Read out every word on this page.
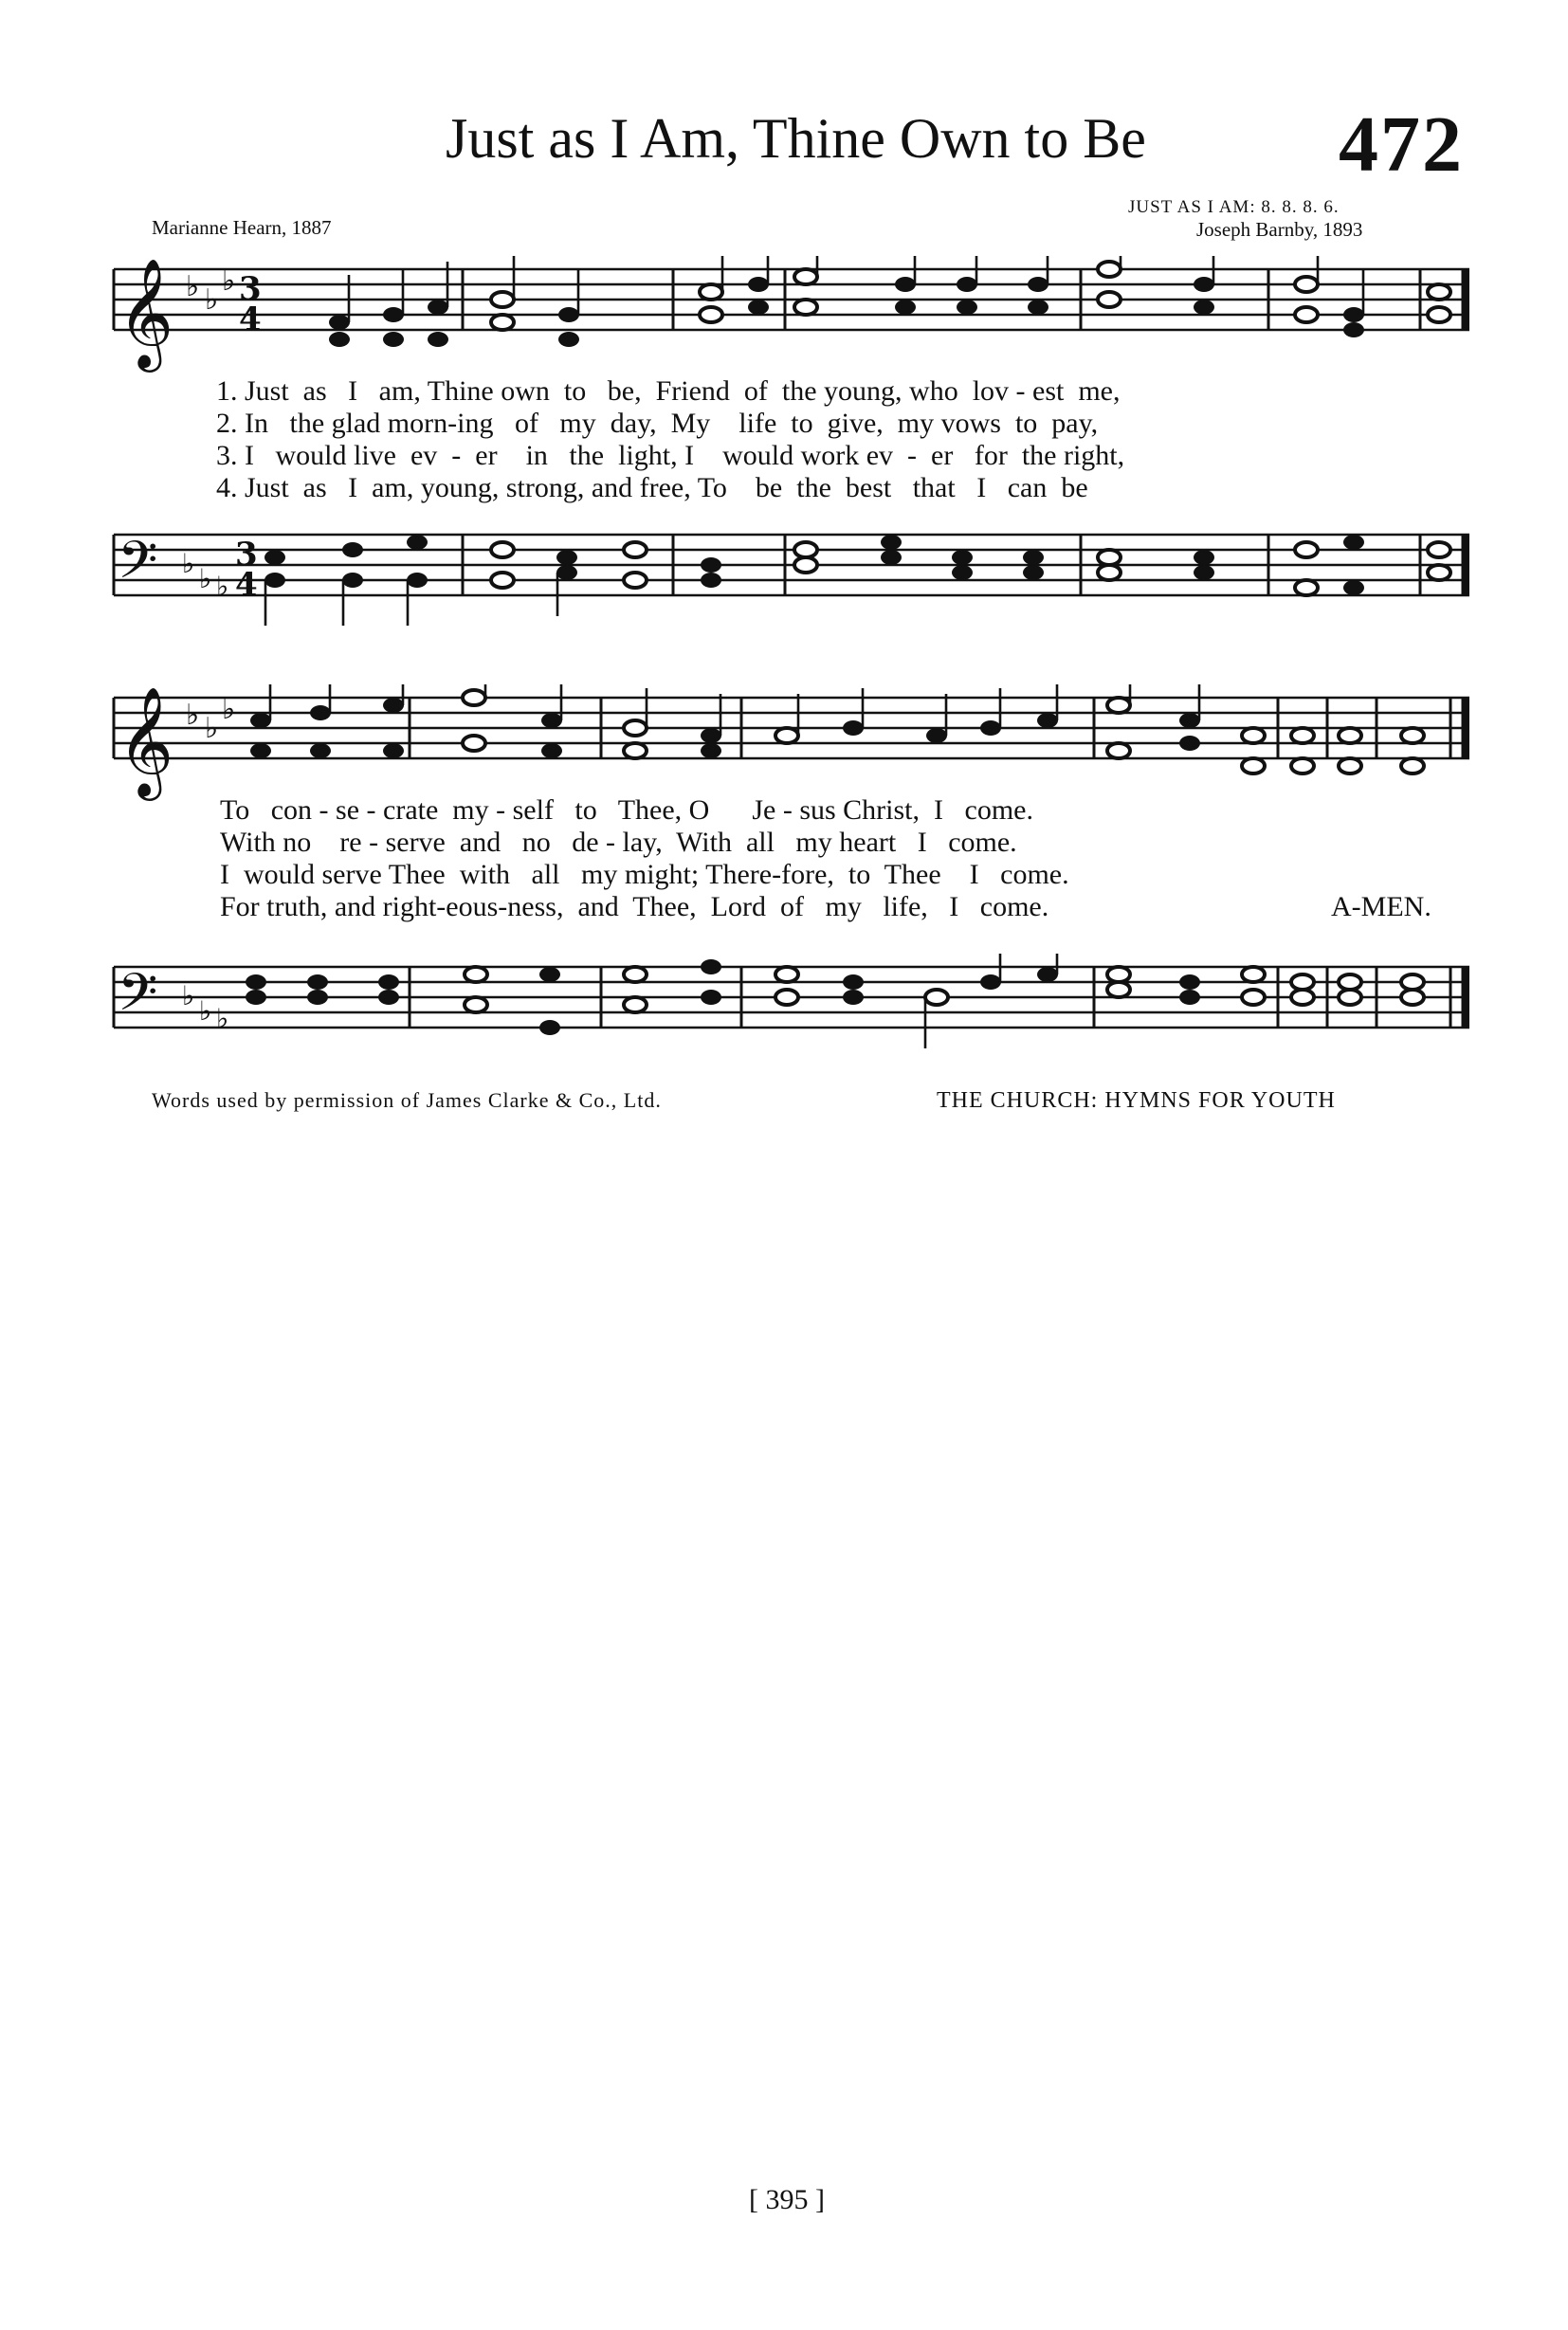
Just as I Am, Thine Own to Be 472
Marianne Hearn, 1887
JUST AS I AM: 8. 8. 8. 6.
Joseph Barnby, 1893
𝄞 ♭ ♭
♭ 3
4
1. Just  as   I   am, Thine own  to   be,  Friend  of  the young, who  lov - est  me,
2. In   the glad morn-ing   of   my  day,  My    life  to  give,  my vows  to  pay,
3. I   would live  ev  -  er    in   the  light, I    would work ev  -  er   for  the right,
4. Just  as   I  am, young, strong, and free, To    be  the  best   that   I   can  be
𝄢 ♭ ♭ ♭
3
4
𝄞 ♭ ♭
♭
To   con - se - crate  my - self   to   Thee, O      Je - sus Christ,  I   come.
With no    re - serve  and   no   de - lay,  With  all   my heart   I   come.
I  would serve Thee  with   all   my might; There-fore,  to  Thee    I   come.
For truth, and right-eous-ness,  and  Thee,  Lord  of   my   life,   I   come.	A-MEN.
𝄢 ♭ ♭ ♭
Words used by permission of James Clarke & Co., Ltd.	THE CHURCH: HYMNS FOR YOUTH
[ 395 ]
